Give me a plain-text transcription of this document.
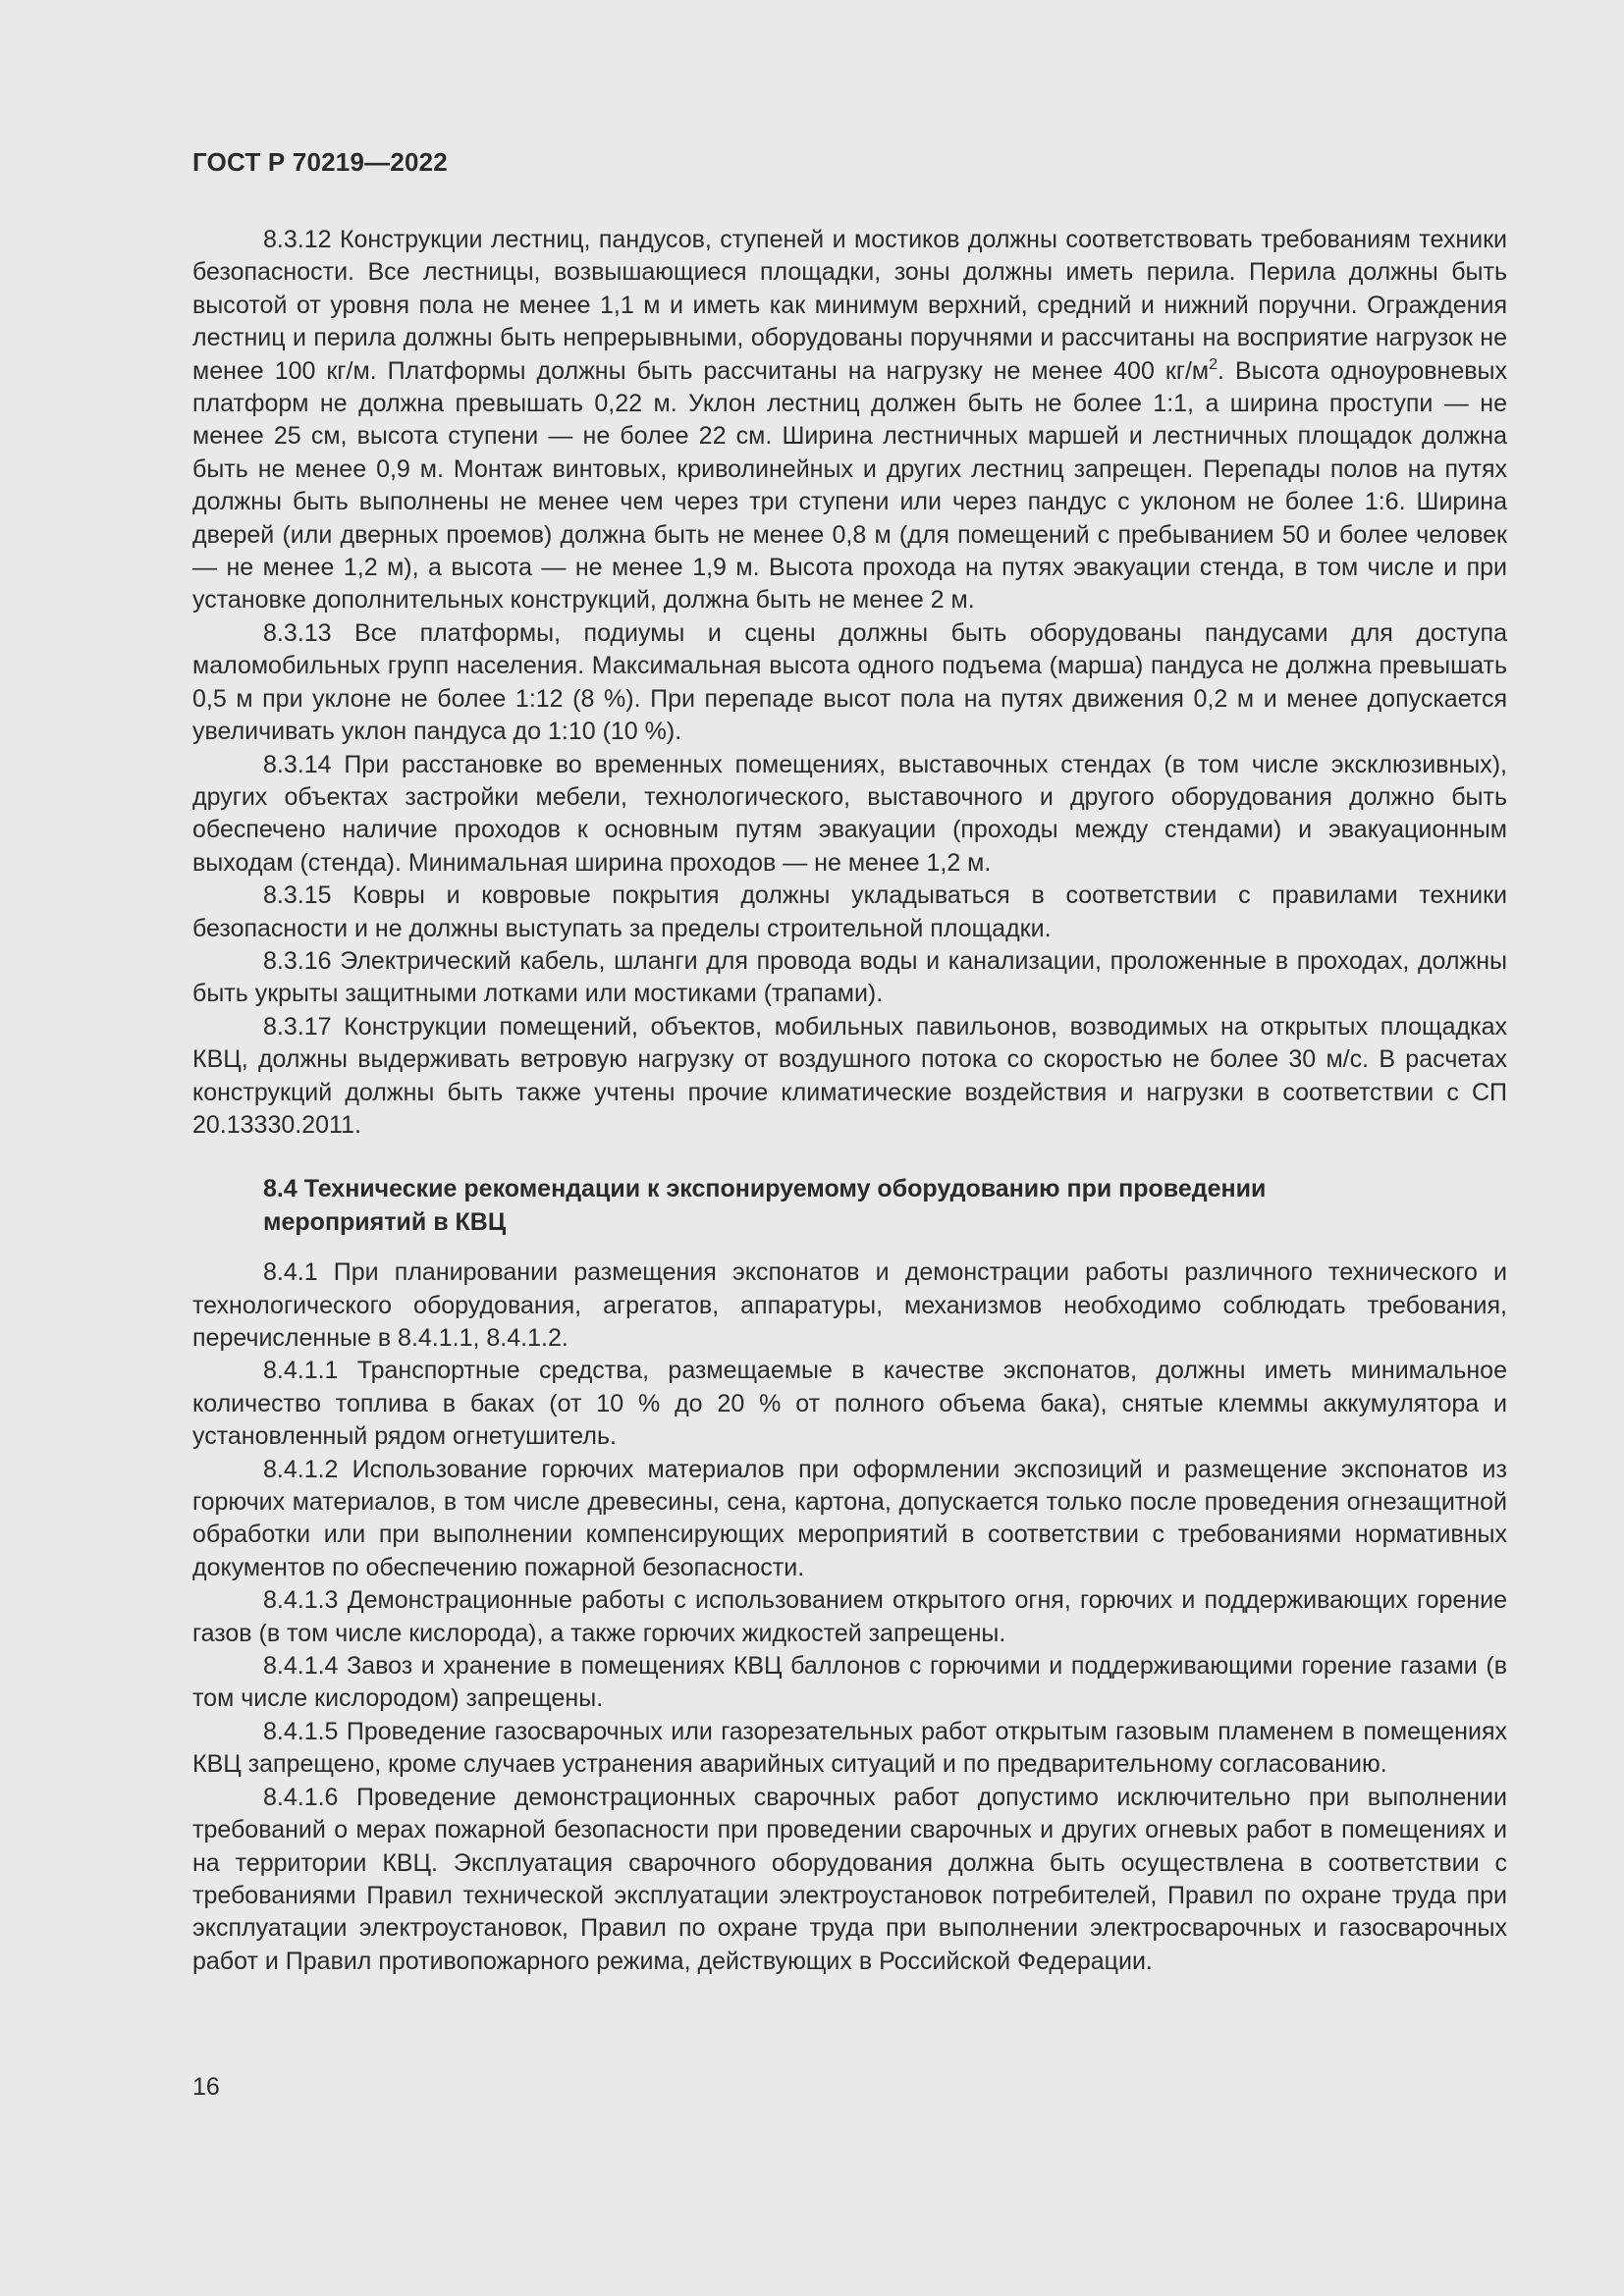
ГОСТ Р 70219—2022

8.3.12 Конструкции лестниц, пандусов, ступеней и мостиков должны соответствовать требованиям техники безопасности. Все лестницы, возвышающиеся площадки, зоны должны иметь перила. Перила должны быть высотой от уровня пола не менее 1,1 м и иметь как минимум верхний, средний и нижний поручни. Ограждения лестниц и перила должны быть непрерывными, оборудованы поручнями и рассчитаны на восприятие нагрузок не менее 100 кг/м. Платформы должны быть рассчитаны на нагрузку не менее 400 $кг/м^2$. Высота одноуровневых платформ не должна превышать 0,22 м. Уклон лестниц должен быть не более 1:1, а ширина проступи — не менее 25 см, высота ступени — не более 22 см. Ширина лестничных маршей и лестничных площадок должна быть не менее 0,9 м. Монтаж винтовых, криволинейных и других лестниц запрещен. Перепады полов на путях должны быть выполнены не менее чем через три ступени или через пандус с уклоном не более 1:6. Ширина дверей (или дверных проемов) должна быть не менее 0,8 м (для помещений с пребыванием 50 и более человек — не менее 1,2 м), а высота — не менее 1,9 м. Высота прохода на путях эвакуации стенда, в том числе и при установке дополнительных конструкций, должна быть не менее 2 м.

8.3.13 Все платформы, подиумы и сцены должны быть оборудованы пандусами для доступа маломобильных групп населения. Максимальная высота одного подъема (марша) пандуса не должна превышать 0,5 м при уклоне не более 1:12 (8 %). При перепаде высот пола на путях движения 0,2 м и менее допускается увеличивать уклон пандуса до 1:10 (10 %).

8.3.14 При расстановке во временных помещениях, выставочных стендах (в том числе эксклюзивных), других объектах застройки мебели, технологического, выставочного и другого оборудования должно быть обеспечено наличие проходов к основным путям эвакуации (проходы между стендами) и эвакуационным выходам (стенда). Минимальная ширина проходов — не менее 1,2 м.

8.3.15 Ковры и ковровые покрытия должны укладываться в соответствии с правилами техники безопасности и не должны выступать за пределы строительной площадки.

8.3.16 Электрический кабель, шланги для провода воды и канализации, проложенные в проходах, должны быть укрыты защитными лотками или мостиками (трапами).

8.3.17 Конструкции помещений, объектов, мобильных павильонов, возводимых на открытых площадках КВЦ, должны выдерживать ветровую нагрузку от воздушного потока со скоростью не более 30 м/с. В расчетах конструкций должны быть также учтены прочие климатические воздействия и нагрузки в соответствии с СП 20.13330.2011.

8.4 Технические рекомендации к экспонируемому оборудованию при проведении
мероприятий в КВЦ

8.4.1 При планировании размещения экспонатов и демонстрации работы различного технического и технологического оборудования, агрегатов, аппаратуры, механизмов необходимо соблюдать требования, перечисленные в 8.4.1.1, 8.4.1.2.

8.4.1.1 Транспортные средства, размещаемые в качестве экспонатов, должны иметь минимальное количество топлива в баках (от 10 % до 20 % от полного объема бака), снятые клеммы аккумулятора и установленный рядом огнетушитель.

8.4.1.2 Использование горючих материалов при оформлении экспозиций и размещение экспонатов из горючих материалов, в том числе древесины, сена, картона, допускается только после проведения огнезащитной обработки или при выполнении компенсирующих мероприятий в соответствии с требованиями нормативных документов по обеспечению пожарной безопасности.

8.4.1.3 Демонстрационные работы с использованием открытого огня, горючих и поддерживающих горение газов (в том числе кислорода), а также горючих жидкостей запрещены.

8.4.1.4 Завоз и хранение в помещениях КВЦ баллонов с горючими и поддерживающими горение газами (в том числе кислородом) запрещены.

8.4.1.5 Проведение газосварочных или газорезательных работ открытым газовым пламенем в помещениях КВЦ запрещено, кроме случаев устранения аварийных ситуаций и по предварительному согласованию.

8.4.1.6 Проведение демонстрационных сварочных работ допустимо исключительно при выполнении требований о мерах пожарной безопасности при проведении сварочных и других огневых работ в помещениях и на территории КВЦ. Эксплуатация сварочного оборудования должна быть осуществлена в соответствии с требованиями Правил технической эксплуатации электроустановок потребителей, Правил по охране труда при эксплуатации электроустановок, Правил по охране труда при выполнении электросварочных и газосварочных работ и Правил противопожарного режима, действующих в Российской Федерации.

16
